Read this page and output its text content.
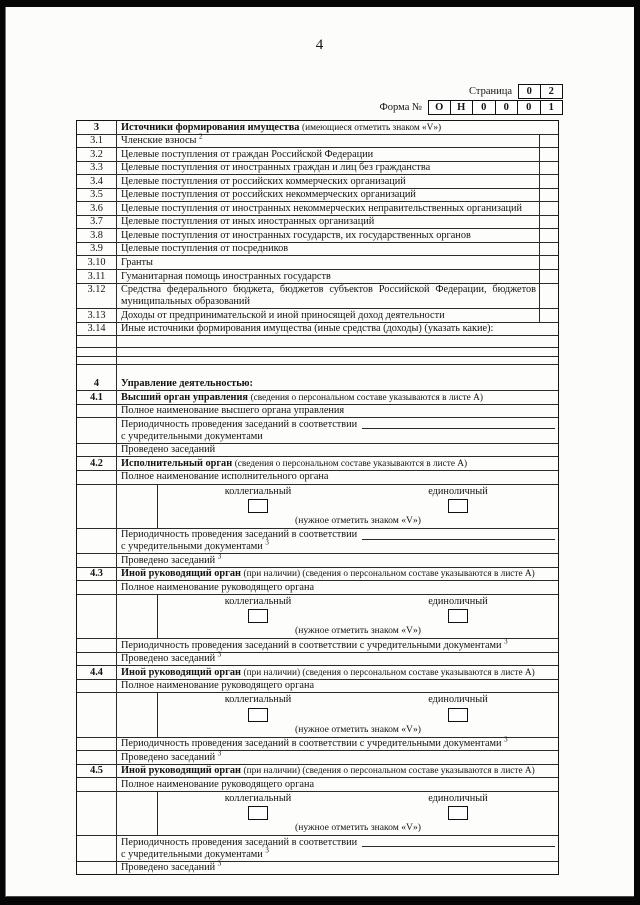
4
Страница	0	2
Форма №	О	Н	0	0	0	1
3	Источники формирования имущества (имеющиеся отметить знаком «V»)
3.1	Членские взносы $^2$
3.2	Целевые поступления от граждан Российской Федерации
3.3	Целевые поступления от иностранных граждан и лиц без гражданства
3.4	Целевые поступления от российских коммерческих организаций
3.5	Целевые поступления от российских некоммерческих организаций
3.6	Целевые поступления от иностранных некоммерческих неправительственных организаций
3.7	Целевые поступления от иных иностранных организаций
3.8	Целевые поступления от иностранных государств, их государственных органов
3.9	Целевые поступления от посредников
3.10	Гранты
3.11	Гуманитарная помощь иностранных государств
3.12	Средства федерального бюджета, бюджетов субъектов Российской Федерации, бюджетов муниципальных образований
3.13	Доходы от предпринимательской и иной приносящей доход деятельности
3.14	Иные источники формирования имущества (иные средства (доходы) (указать какие):
4	Управление деятельностью:
4.1	Высший орган управления (сведения о персональном составе указываются в листе А)
Полное наименование высшего органа управления
Периодичность проведения заседаний в соответствии
с учредительными документами
Проведено заседаний
4.2	Исполнительный орган (сведения о персональном составе указываются в листе А)
Полное наименование исполнительного органа
коллегиальный	единоличный
(нужное отметить знаком «V»)
Периодичность проведения заседаний в соответствии
с учредительными документами $^3$
Проведено заседаний $^3$
4.3	Иной руководящий орган (при наличии) (сведения о персональном составе указываются в листе А)
Полное наименование руководящего органа
коллегиальный	единоличный
(нужное отметить знаком «V»)
Периодичность проведения заседаний в соответствии с учредительными документами $^3$
Проведено заседаний $^3$
4.4	Иной руководящий орган (при наличии) (сведения о персональном составе указываются в листе А)
Полное наименование руководящего органа
коллегиальный	единоличный
(нужное отметить знаком «V»)
Периодичность проведения заседаний в соответствии с учредительными документами $^3$
Проведено заседаний $^3$
4.5	Иной руководящий орган (при наличии) (сведения о персональном составе указываются в листе А)
Полное наименование руководящего органа
коллегиальный	единоличный
(нужное отметить знаком «V»)
Периодичность проведения заседаний в соответствии
с учредительными документами $^3$
Проведено заседаний $^3$
